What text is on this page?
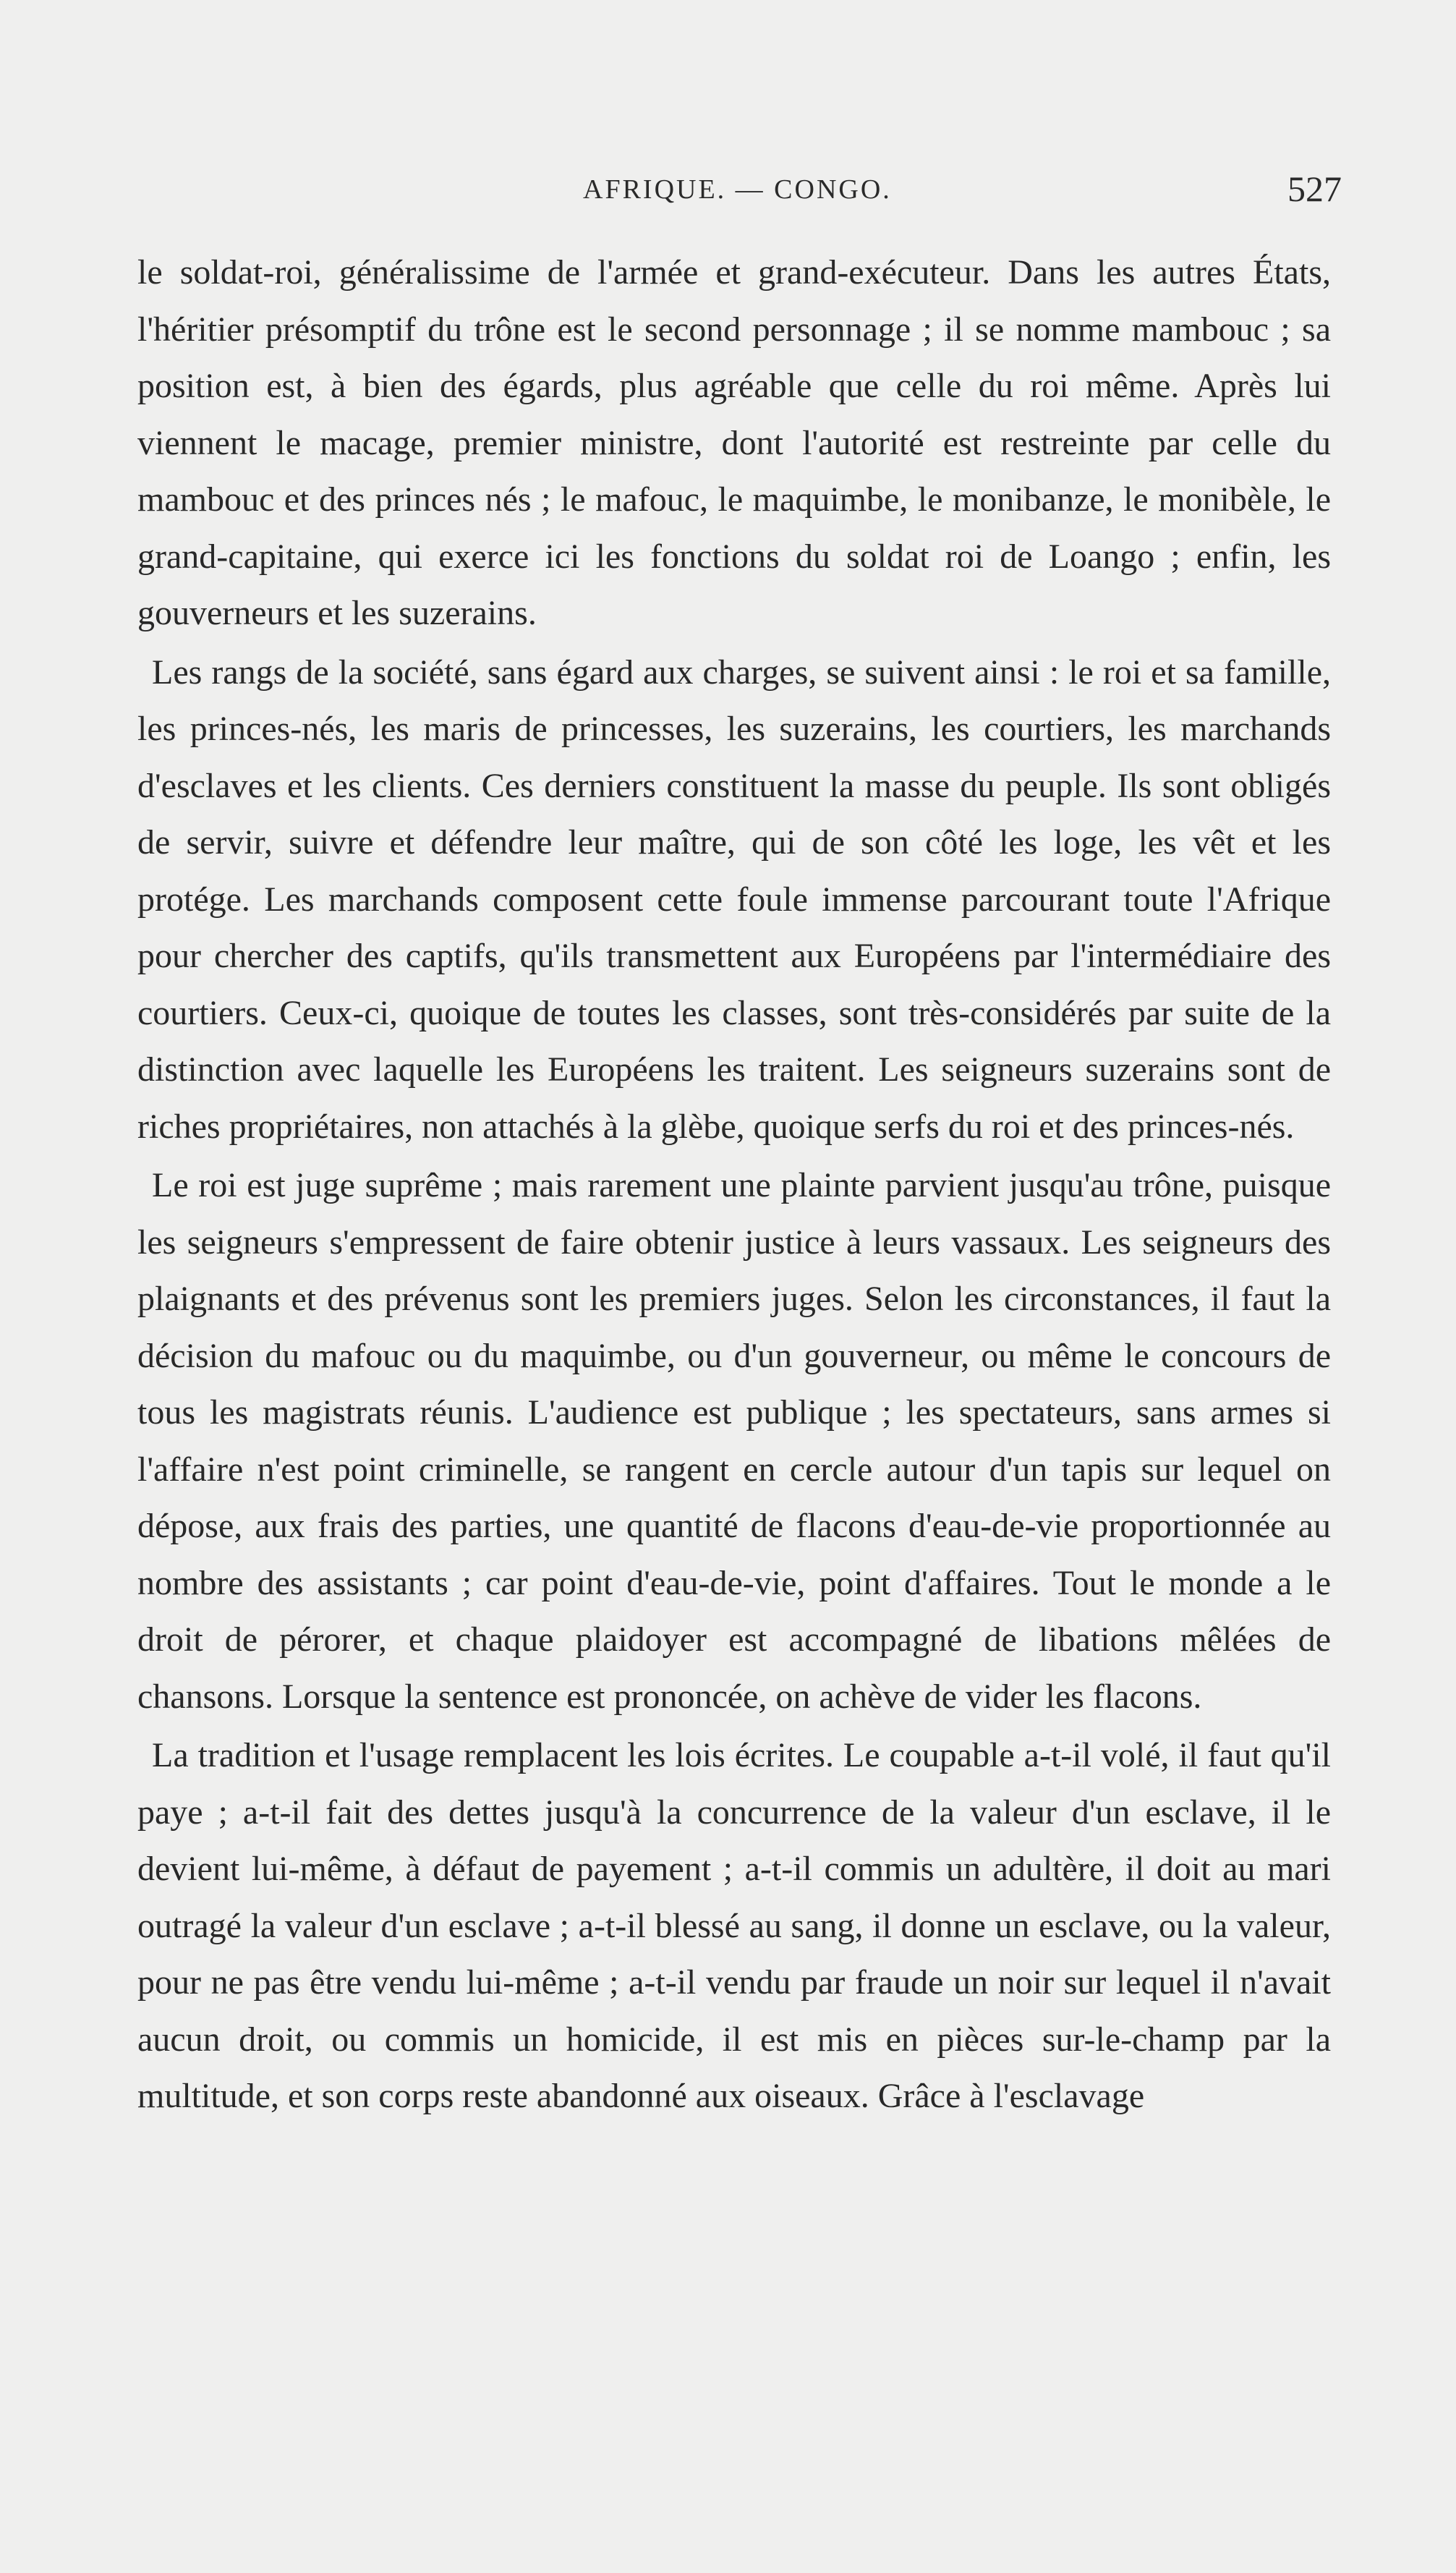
AFRIQUE. — CONGO.	527

le soldat-roi, généralissime de l'armée et grand-exécuteur. Dans les autres États, l'héritier présomptif du trône est le second personnage ; il se nomme mambouc ; sa position est, à bien des égards, plus agréable que celle du roi même. Après lui viennent le macage, premier ministre, dont l'autorité est restreinte par celle du mambouc et des princes nés ; le mafouc, le maquimbe, le monibanze, le monibèle, le grand-capitaine, qui exerce ici les fonctions du soldat roi de Loango ; enfin, les gouverneurs et les suzerains.

Les rangs de la société, sans égard aux charges, se suivent ainsi : le roi et sa famille, les princes-nés, les maris de princesses, les suzerains, les courtiers, les marchands d'esclaves et les clients. Ces derniers constituent la masse du peuple. Ils sont obligés de servir, suivre et défendre leur maître, qui de son côté les loge, les vêt et les protége. Les marchands composent cette foule immense parcourant toute l'Afrique pour chercher des captifs, qu'ils transmettent aux Européens par l'intermédiaire des courtiers. Ceux-ci, quoique de toutes les classes, sont très-considérés par suite de la distinction avec laquelle les Européens les traitent. Les seigneurs suzerains sont de riches propriétaires, non attachés à la glèbe, quoique serfs du roi et des princes-nés.

Le roi est juge suprême ; mais rarement une plainte parvient jusqu'au trône, puisque les seigneurs s'empressent de faire obtenir justice à leurs vassaux. Les seigneurs des plaignants et des prévenus sont les premiers juges. Selon les circonstances, il faut la décision du mafouc ou du maquimbe, ou d'un gouverneur, ou même le concours de tous les magistrats réunis. L'audience est publique ; les spectateurs, sans armes si l'affaire n'est point criminelle, se rangent en cercle autour d'un tapis sur lequel on dépose, aux frais des parties, une quantité de flacons d'eau-de-vie proportionnée au nombre des assistants ; car point d'eau-de-vie, point d'affaires. Tout le monde a le droit de pérorer, et chaque plaidoyer est accompagné de libations mêlées de chansons. Lorsque la sentence est prononcée, on achève de vider les flacons.

La tradition et l'usage remplacent les lois écrites. Le coupable a-t-il volé, il faut qu'il paye ; a-t-il fait des dettes jusqu'à la concurrence de la valeur d'un esclave, il le devient lui-même, à défaut de payement ; a-t-il commis un adultère, il doit au mari outragé la valeur d'un esclave ; a-t-il blessé au sang, il donne un esclave, ou la valeur, pour ne pas être vendu lui-même ; a-t-il vendu par fraude un noir sur lequel il n'avait aucun droit, ou commis un homicide, il est mis en pièces sur-le-champ par la multitude, et son corps reste abandonné aux oiseaux. Grâce à l'esclavage
